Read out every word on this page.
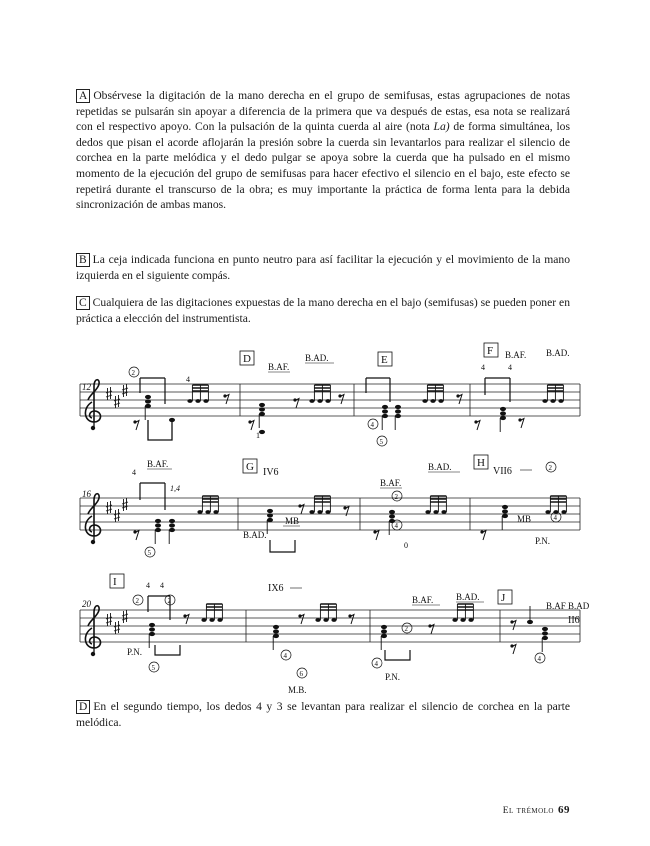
A Obsérvese la digitación de la mano derecha en el grupo de semifusas, estas agrupaciones de notas repetidas se pulsarán sin apoyar a diferencia de la primera que va después de estas, esa nota se realizará con el respectivo apoyo. Con la pulsación de la quinta cuerda al aire (nota La) de forma simultánea, los dedos que pisan el acorde aflojarán la presión sobre la cuerda sin levantarlos para realizar el silencio de corchea en la parte melódica y el dedo pulgar se apoya sobre la cuerda que ha pulsado en el mismo momento de la ejecución del grupo de semifusas para hacer efectivo el silencio en el bajo, este efecto se repetirá durante el transcurso de la obra; es muy importante la práctica de forma lenta para la debida sincronización de ambas manos.

B La ceja indicada funciona en punto neutro para así facilitar la ejecución y el movimiento de la mano izquierda en el siguiente compás.

C Cualquiera de las digitaciones expuestas de la mano derecha en el bajo (semifusas) se pueden poner en práctica a elección del instrumentista.

D En el segundo tiempo, los dedos 4 y 3 se levantan para realizar el silencio de corchea en la parte melódica.

12
2
4
D
B.AF.
B.AD.
1
E
4
5
F B.AF. B.AD.
4	4
16
4
B.AF.
1,4
5
G IV6
MB
B.AD.
B.AF.
B.AD.
2
4
0
H
VII6	2
MB	4
P.N.
20
I	4 4
2	2
P.N.
5
IX6
4
6
M.B.
B.AF.	B.AD.
2
4
P.N.
J
B.AF B.AD
II6
4
El trémolo 69
